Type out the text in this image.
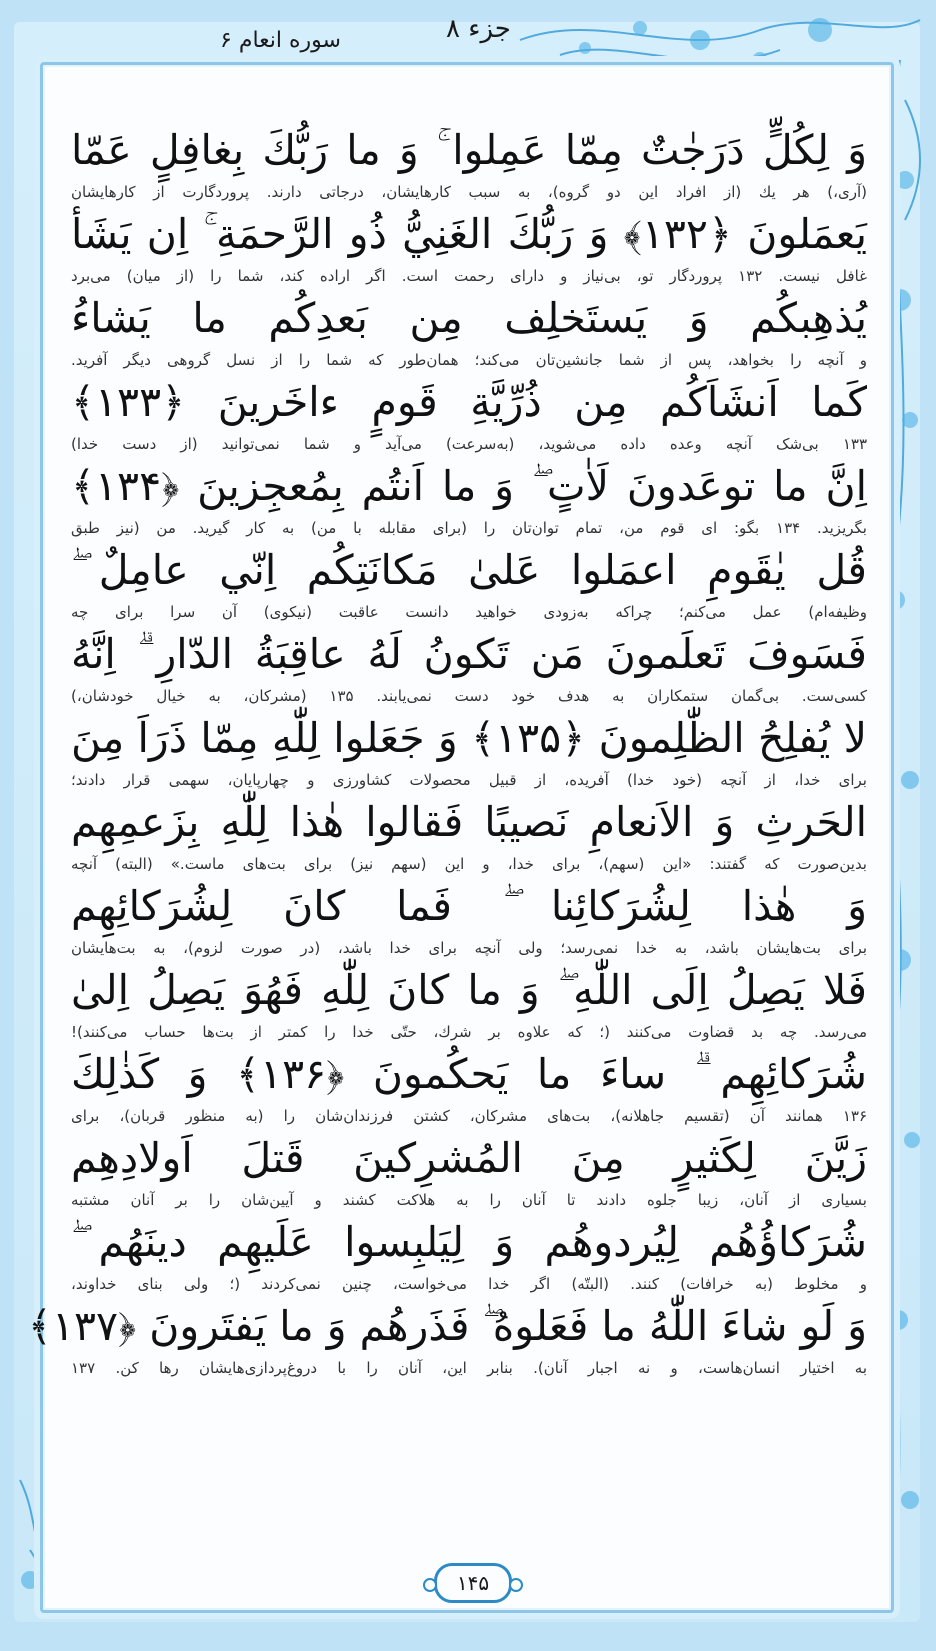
جزء ۸
سوره انعام ۶
وَ لِكُلٍّ دَرَجٰتٌ مِمّا عَمِلوا ۚ وَ ما رَبُّكَ بِغافِلٍ عَمّا
(آری،) هر یك (از افراد این دو گروه)، به سبب کارهایشان، درجاتی دارند. پروردگارت از کارهایشان
يَعمَلونَ ﴿۱۳۲﴾ وَ رَبُّكَ الغَنِيُّ ذُو الرَّحمَةِ ۚ اِن يَشَأ
غافل نیست. ۱۳۲ پروردگار تو، بی‌نیاز و دارای رحمت است. اگر اراده کند، شما را (از میان) می‌برد
يُذهِبكُم وَ يَستَخلِف مِن بَعدِكُم ما يَشاءُ
و آنچه را بخواهد، پس از شما جانشین‌تان می‌کند؛ همان‌طور که شما را از نسل گروهی دیگر آفرید.
كَما اَنشَاَكُم مِن ذُرِّيَّةِ قَومٍ ءاخَرينَ ﴿۱۳۳﴾
۱۳۳ بی‌شک آنچه وعده داده می‌شوید، (به‌سرعت) می‌آید و شما نمی‌توانید (از دست خدا)
اِنَّ ما توعَدونَ لَاٰتٍ ۖ وَ ما اَنتُم بِمُعجِزينَ ﴿۱۳۴﴾
بگریزید. ۱۳۴ بگو: ای قوم من، تمام توان‌تان را (برای مقابله با من) به کار گیرید. من (نیز طبق
قُل يٰقَومِ اعمَلوا عَلىٰ مَكانَتِكُم اِنّي عامِلٌ ۖ
وظیفه‌ام) عمل می‌کنم؛ چراکه به‌زودی خواهید دانست عاقبت (نیکوی) آن سرا برای چه
فَسَوفَ تَعلَمونَ مَن تَكونُ لَهُ عاقِبَةُ الدّارِ ۗ اِنَّهُ
کسی‌ست. بی‌گمان ستمکاران به هدف خود دست نمی‌یابند. ۱۳۵ (مشرکان، به خیال خودشان،)
لا يُفلِحُ الظّٰلِمونَ ﴿۱۳۵﴾ وَ جَعَلوا لِلّٰهِ مِمّا ذَرَاَ مِنَ
برای خدا، از آنچه (خود خدا) آفریده، از قبیل محصولات کشاورزی و چهارپایان، سهمی قرار دادند؛
الحَرثِ وَ الاَنعامِ نَصيبًا فَقالوا هٰذا لِلّٰهِ بِزَعمِهِم
بدین‌صورت که گفتند: «این (سهم)، برای خدا، و این (سهم نیز) برای بت‌های ماست.» (البته) آنچه
وَ هٰذا لِشُرَكائِنا ۖ فَما كانَ لِشُرَكائِهِم
برای بت‌هایشان باشد، به خدا نمی‌رسد؛ ولی آنچه برای خدا باشد، (در صورت لزوم)، به بت‌هایشان
فَلا يَصِلُ اِلَى اللّٰهِ ۖ وَ ما كانَ لِلّٰهِ فَهُوَ يَصِلُ اِلىٰ
می‌رسد. چه بد قضاوت می‌کنند (؛ که علاوه بر شرك، حتّی خدا را کمتر از بت‌ها حساب می‌کنند)!
شُرَكائِهِم ۗ ساءَ ما يَحكُمونَ ﴿۱۳۶﴾ وَ كَذٰلِكَ
۱۳۶ همانند آن (تقسیم جاهلانه)، بت‌های مشرکان، کشتن فرزندان‌شان را (به منظور قربان)، برای
زَيَّنَ لِكَثيرٍ مِنَ المُشرِكينَ قَتلَ اَولادِهِم
بسیاری از آنان، زیبا جلوه دادند تا آنان را به هلاکت کشند و آیین‌شان را بر آنان مشتبه
شُرَكاؤُهُم لِيُردوهُم وَ لِيَلبِسوا عَلَيهِم دينَهُم ۖ
و مخلوط (به خرافات) کنند. (البتّه) اگر خدا می‌خواست، چنین نمی‌کردند (؛ ولی بنای خداوند،
وَ لَو شاءَ اللّٰهُ ما فَعَلوهُ ۖ فَذَرهُم وَ ما يَفتَرونَ ﴿۱۳۷﴾
به اختیار انسان‌هاست، و نه اجبار آنان). بنابر این، آنان را با دروغ‌پردازی‌هایشان رها کن. ۱۳۷
۱۴۵
